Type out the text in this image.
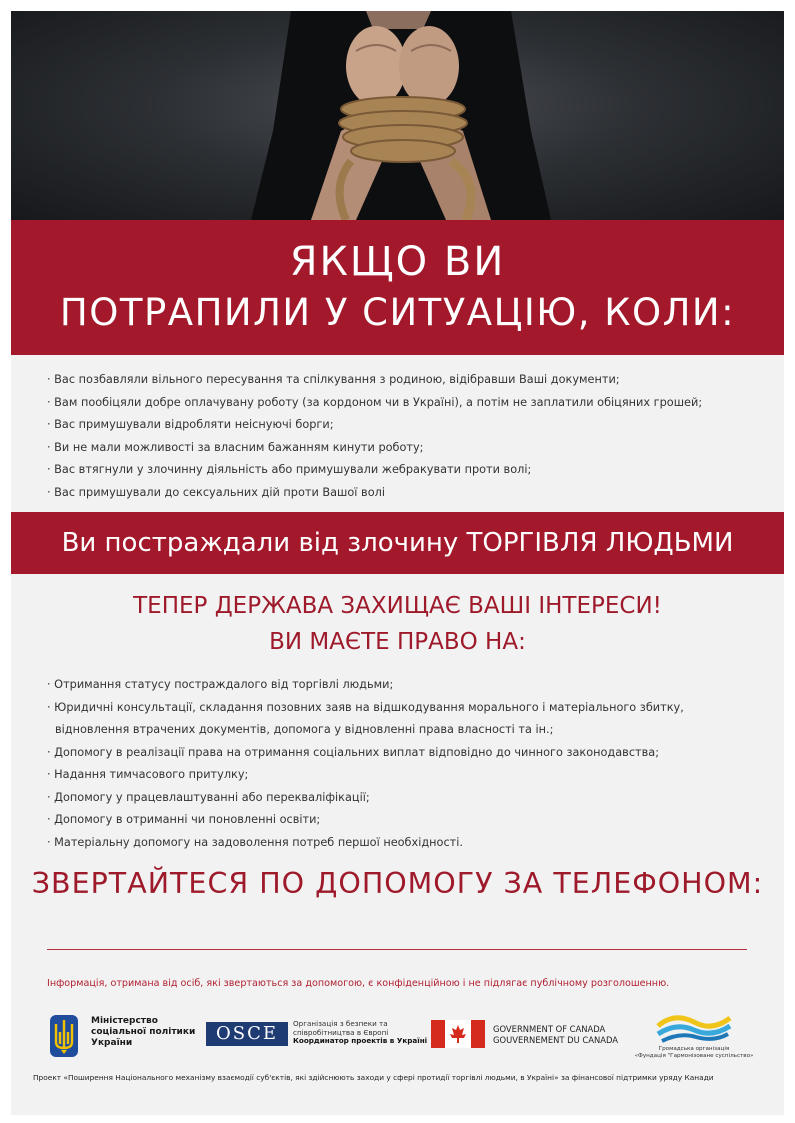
ЯКЩО ВИ
ПОТРАПИЛИ У СИТУАЦІЮ, КОЛИ:
· Вас позбавляли вільного пересування та спілкування з родиною, відібравши Ваші документи;
· Вам пообіцяли добре оплачувану роботу (за кордоном чи в Україні), а потім не заплатили обіцяних грошей;
· Вас примушували відробляти неіснуючі борги;
· Ви не мали можливості за власним бажанням кинути роботу;
· Вас втягнули у злочинну діяльність або примушували жебракувати проти волі;
· Вас примушували до сексуальних дій проти Вашої волі
Ви постраждали від злочину ТОРГІВЛЯ ЛЮДЬМИ
ТЕПЕР ДЕРЖАВА ЗАХИЩАЄ ВАШІ ІНТЕРЕСИ!
ВИ МАЄТЕ ПРАВО НА:
· Отримання статусу постраждалого від торгівлі людьми;
· Юридичні консультації, складання позовних заяв на відшкодування морального і матеріального збитку,
відновлення втрачених документів, допомога у відновленні права власності та ін.;
· Допомогу в реалізації права на отримання соціальних виплат відповідно до чинного законодавства;
· Надання тимчасового притулку;
· Допомогу у працевлаштуванні або перекваліфікації;
· Допомогу в отриманні чи поновленні освіти;
· Матеріальну допомогу на задоволення потреб першої необхідності.
ЗВЕРТАЙТЕСЯ ПО ДОПОМОГУ ЗА ТЕЛЕФОНОМ:
Інформація, отримана від осіб, які звертаються за допомогою, є конфіденційною і не підлягає публічному розголошенню.
Міністерство
соціальної політики
України	OSCE	Організація з безпеки та
співробітництва в Європі
Координатор проектів в Україні
GOVERNMENT OF CANADA
GOUVERNEMENT DU CANADA
Громадська організація
«Фундація "Гармонізоване суспільство»
Проект «Поширення Національного механізму взаємодії суб'єктів, які здійснюють заходи у сфері протидії торгівлі людьми, в Україні» за фінансової підтримки уряду Канади
